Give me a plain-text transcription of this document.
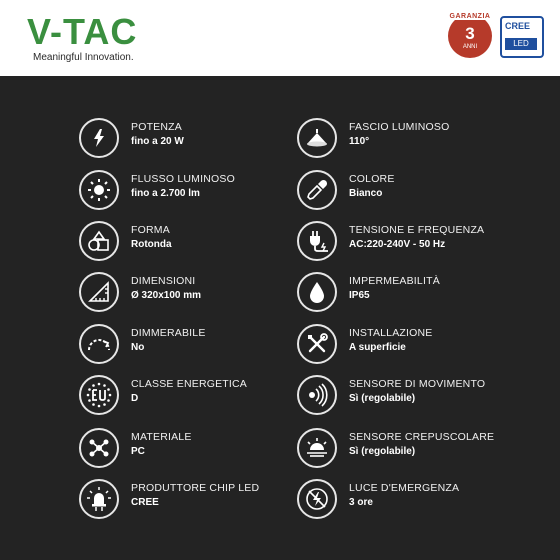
V-TAC
Meaningful Innovation.
GARANZIA
3
ANNI
CREE
LED
POTENZA
fino a 20 W
FLUSSO LUMINOSO
fino a 2.700 lm
FORMA
Rotonda
DIMENSIONI
Ø 320x100 mm
DIMMERABILE
No
CLASSE ENERGETICA
D
MATERIALE
PC
PRODUTTORE CHIP LED
CREE
FASCIO LUMINOSO
110°
COLORE
Bianco
TENSIONE E FREQUENZA
AC:220-240V - 50 Hz
IMPERMEABILITÀ
IP65
INSTALLAZIONE
A superficie
SENSORE DI MOVIMENTO
Sì (regolabile)
SENSORE CREPUSCOLARE
Sì (regolabile)
LUCE D'EMERGENZA
3 ore
